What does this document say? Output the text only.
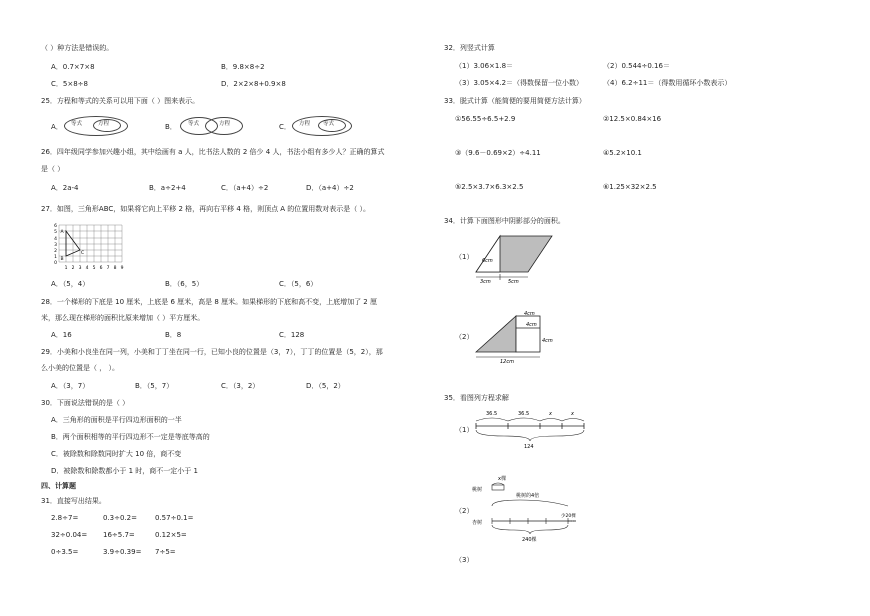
（ ）种方法是错误的。
A．0.7×7×8	B．9.8×8÷2
C．5×8÷8	D．2×2×8+0.9×8
25．方程和等式的关系可以用下面（ ）图来表示。
A． 等式	方程	B． 等式	方程	C． 方程 等式
26．四年级同学参加兴趣小组，其中绘画有 a 人，比书法人数的 2 倍少 4 人，书法小组有多少人？正确的算式
是（ ）
A．2a-4	B．a÷2+4	C．（a+4）÷2	D．（a+4）÷2
27．如图，三角形ABC，如果将它向上平移 2 格，再向右平移 4 格，则顶点 A 的位置用数对表示是（ ）。
A
B
C
6
5
4
3
2
1
0
1 2 3 4 5 6 7 8 9
A．（5，4）	B．（6，5）	C．（5，6）
28．一个梯形的下底是 10 厘米，上底是 6 厘米，高是 8 厘米。如果梯形的下底和高不变，上底增加了 2 厘
米，那么现在梯形的面积比原来增加（ ）平方厘米。
A．16	B．8	C．128
29．小美和小良坐在同一列，小美和丁丁坐在同一行，已知小良的位置是（3，7），丁丁的位置是（5，2），那
么小美的位置是（ ， ）。
A．（3，7）	B．（5，7）	C．（3，2）	D．（5，2）
30．下面说法错误的是（ ）
A．三角形的面积是平行四边形面积的一半
B．两个面积相等的平行四边形不一定是等底等高的
C．被除数和除数同时扩大 10 倍，商不变
D．被除数和除数都小于 1 时，商不一定小于 1
四、计算题
31．直接写出结果。
2.8÷7=	0.3÷0.2=	0.57÷0.1=
32÷0.04= 16÷5.7=	0.12×5=
0÷3.5=	3.9÷0.39= 7÷5=
32．列竖式计算
（1）3.06×1.8＝	（2）0.544÷0.16＝
（3）3.05×4.2＝（得数保留一位小数）	（4）6.2÷11＝（得数用循环小数表示）
33．脱式计算（能简便的要用简便方法计算）
①56.55÷6.5+2.9	②12.5×0.84×16
③（9.6－0.69×2）÷4.11	④5.2×10.1
⑤2.5×3.7×6.3×2.5	⑥1.25×32×2.5
34．计算下面图形中阴影部分的面积。
（1） 6cm
3cm	5cm
（2）
4cm
4cm
4cm
12cm
35．看图列方程求解
（1）
36.5	36.5	x	x
124
（2）
x棵
桃树
桃树的4倍
少20棵
杏树
240棵
（3）
